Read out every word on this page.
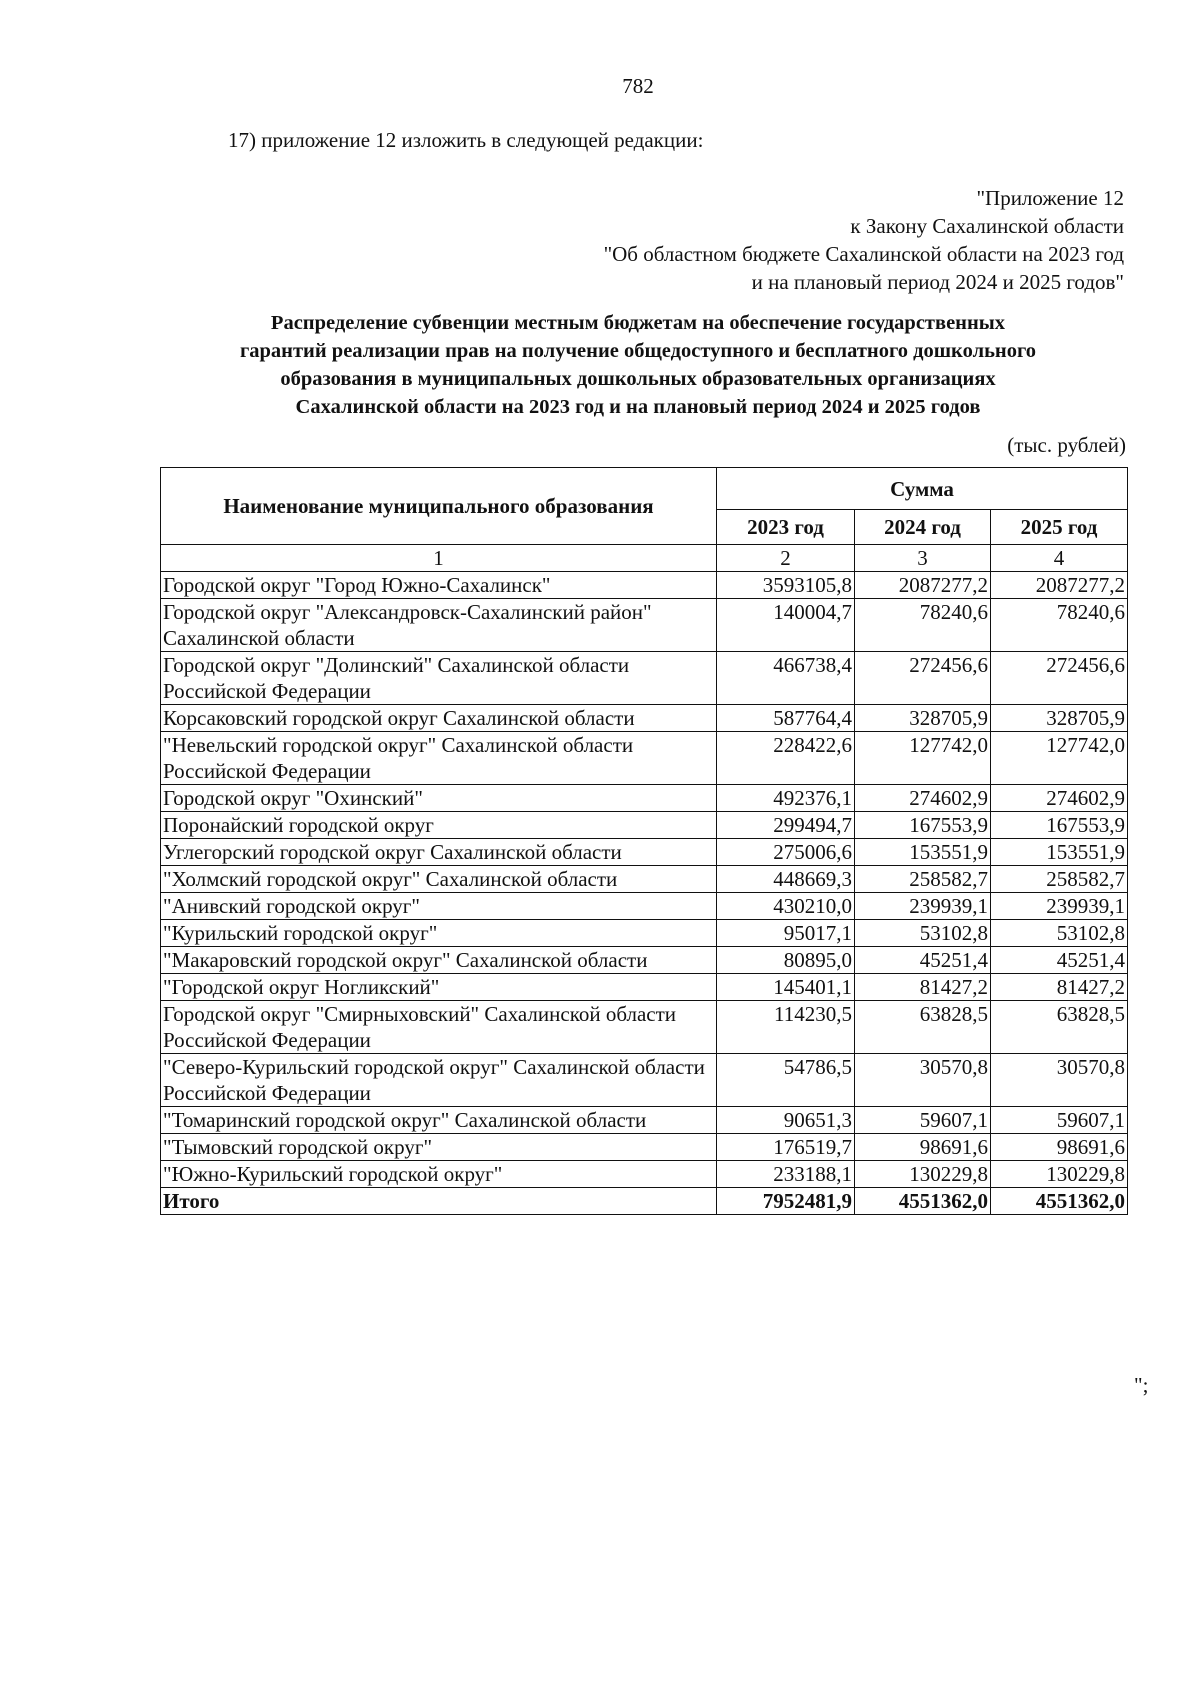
782
17) приложение 12 изложить в следующей редакции:
"Приложение 12
к Закону Сахалинской области
"Об областном бюджете Сахалинской области на 2023 год
и на плановый период 2024 и 2025 годов"
Распределение субвенции местным бюджетам на обеспечение государственных
гарантий реализации прав на получение общедоступного и бесплатного дошкольного
образования в муниципальных дошкольных образовательных организациях
Сахалинской области на 2023 год и на плановый период 2024 и 2025 годов
(тыс. рублей)
Наименование муниципального образования	Сумма		
	2023 год	2024 год	2025 год
1	2	3	4
Городской округ "Город Южно-Сахалинск"	3593105,8	2087277,2	2087277,2
Городской округ "Александровск-Сахалинский район" Сахалинской области	140004,7	78240,6	78240,6
Городской округ "Долинский" Сахалинской области Российской Федерации	466738,4	272456,6	272456,6
Корсаковский городской округ Сахалинской области	587764,4	328705,9	328705,9
"Невельский городской округ" Сахалинской области Российской Федерации	228422,6	127742,0	127742,0
Городской округ "Охинский"	492376,1	274602,9	274602,9
Поронайский городской округ	299494,7	167553,9	167553,9
Углегорский городской округ Сахалинской области	275006,6	153551,9	153551,9
"Холмский городской округ" Сахалинской области	448669,3	258582,7	258582,7
"Анивский городской округ"	430210,0	239939,1	239939,1
"Курильский городской округ"	95017,1	53102,8	53102,8
"Макаровский городской округ" Сахалинской области	80895,0	45251,4	45251,4
"Городской округ Ногликский"	145401,1	81427,2	81427,2
Городской округ "Смирныховский" Сахалинской области Российской Федерации	114230,5	63828,5	63828,5
"Северо-Курильский городской округ" Сахалинской области Российской Федерации	54786,5	30570,8	30570,8
"Томаринский городской округ" Сахалинской области	90651,3	59607,1	59607,1
"Тымовский городской округ"	176519,7	98691,6	98691,6
"Южно-Курильский городской округ"	233188,1	130229,8	130229,8
Итого	7952481,9	4551362,0	4551362,0
";
